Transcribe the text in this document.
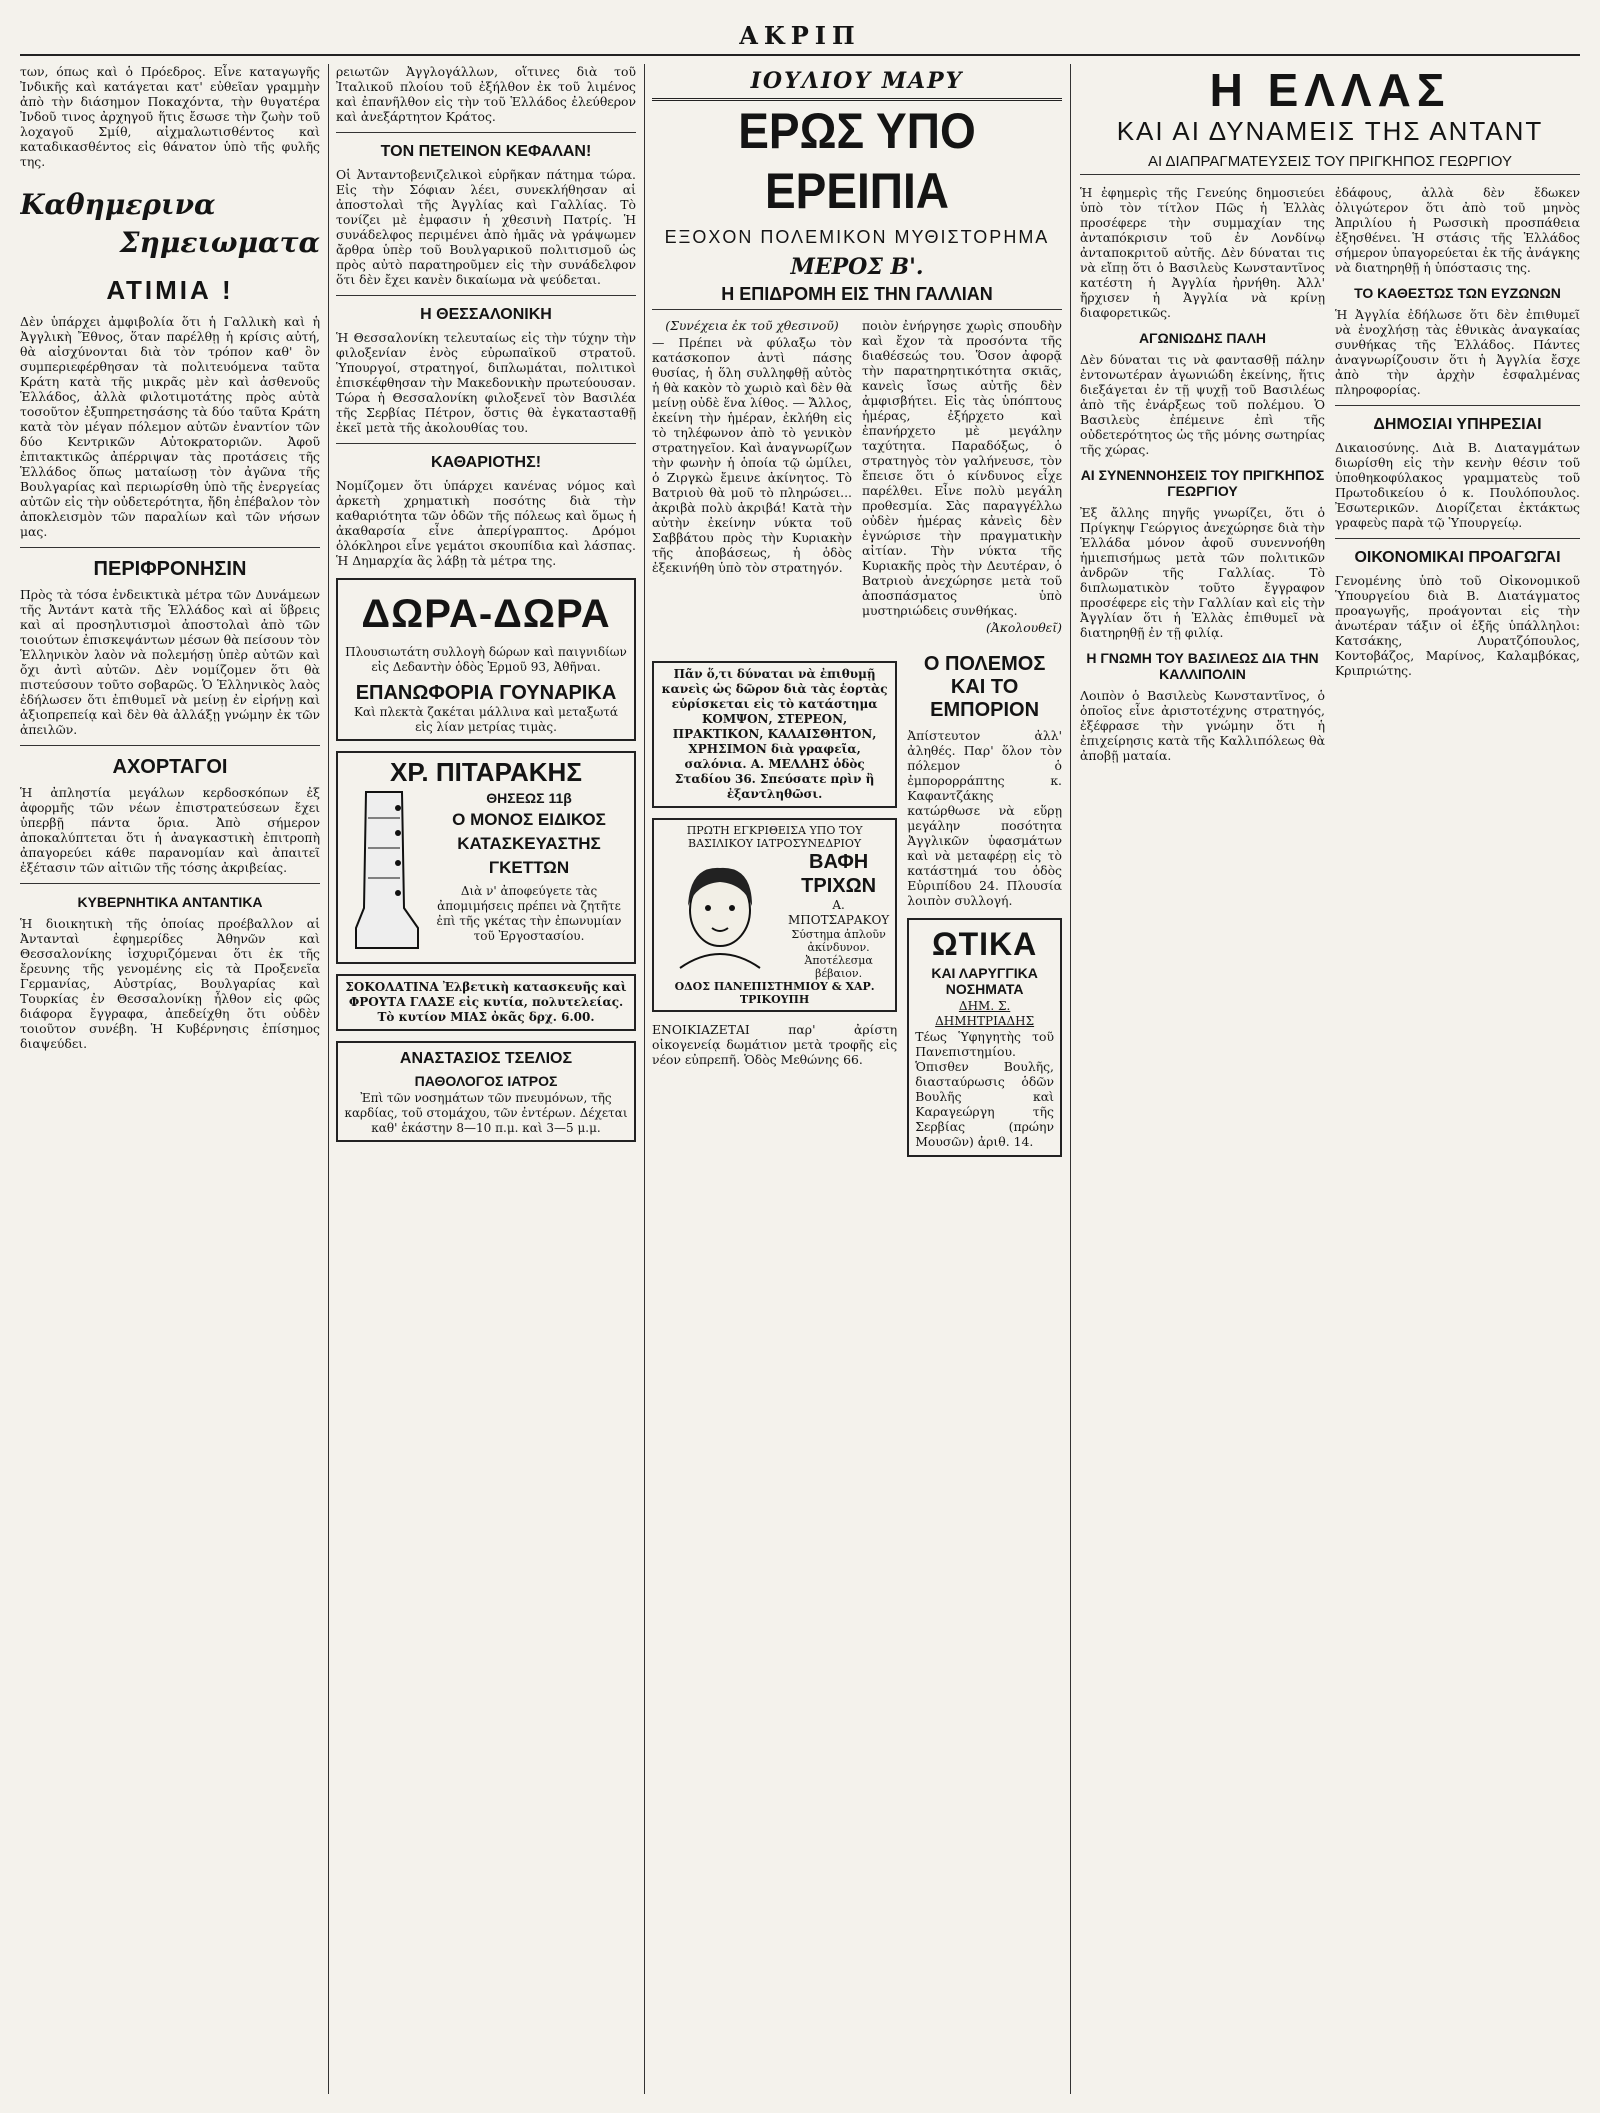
ΑΚΡΙΠ

των, όπως καὶ ὁ Πρόεδρος. Εἶνε καταγωγῆς Ἰνδικῆς καὶ κατάγεται κατ' εὐθεῖαν γραμμὴν ἀπὸ τὴν διάσημον Ποκαχόντα, τὴν θυγατέρα Ἰνδοῦ τινος ἀρχηγοῦ ἥτις ἔσωσε τὴν ζωὴν τοῦ λοχαγοῦ Σμίθ, αἰχμαλωτισθέντος καὶ καταδικασθέντος εἰς θάνατον ὑπὸ τῆς φυλῆς της.

Καθημερινα
Σημειωματα
ΑΤΙΜΙΑ !

Δὲν ὑπάρχει ἀμφιβολία ὅτι ἡ Γαλλικὴ καὶ ἡ Ἀγγλικὴ Ἔθνος, ὅταν παρέλθῃ ἡ κρίσις αὐτή, θὰ αἰσχύνονται διὰ τὸν τρόπον καθ' ὃν συμπεριεφέρθησαν τὰ πολιτευόμενα ταῦτα Κράτη κατὰ τῆς μικρᾶς μὲν καὶ ἀσθενοῦς Ἑλλάδος, ἀλλὰ φιλοτιμοτάτης πρὸς αὐτὰ τοσοῦτον ἐξυπηρετησάσης τὰ δύο ταῦτα Κράτη κατὰ τὸν μέγαν πόλεμον αὐτῶν ἐναντίον τῶν δύο Κεντρικῶν Αὐτοκρατοριῶν. Ἀφοῦ ἐπιτακτικῶς ἀπέρριψαν τὰς προτάσεις τῆς Ἑλλάδος ὅπως ματαίωσῃ τὸν ἀγῶνα τῆς Βουλγαρίας καὶ περιωρίσθη ὑπὸ τῆς ἐνεργείας αὐτῶν εἰς τὴν οὐδετερότητα, ἤδη ἐπέβαλον τὸν ἀποκλεισμὸν τῶν παραλίων καὶ τῶν νήσων μας.

ΠΕΡΙΦΡΟΝΗΣΙΝ

Πρὸς τὰ τόσα ἐνδεικτικὰ μέτρα τῶν Δυνάμεων τῆς Ἀντάντ κατὰ τῆς Ἑλλάδος καὶ αἱ ὕβρεις καὶ αἱ προσηλυτισμοὶ ἀποστολαὶ ἀπὸ τῶν τοιούτων ἐπισκεψάντων μέσων θὰ πείσουν τὸν Ἑλληνικὸν λαὸν νὰ πολεμήσῃ ὑπὲρ αὐτῶν καὶ ὄχι ἀντὶ αὐτῶν. Δὲν νομίζομεν ὅτι θὰ πιστεύσουν τοῦτο σοβαρῶς. Ὁ Ἑλληνικὸς λαὸς ἐδήλωσεν ὅτι ἐπιθυμεῖ νὰ μείνῃ ἐν εἰρήνῃ καὶ ἀξιοπρεπείᾳ καὶ δὲν θὰ ἀλλάξῃ γνώμην ἐκ τῶν ἀπειλῶν.

ΑΧΟΡΤΑΓΟΙ

Ἡ ἀπληστία μεγάλων κερδοσκόπων ἐξ ἀφορμῆς τῶν νέων ἐπιστρατεύσεων ἔχει ὑπερβῇ πάντα ὅρια. Ἀπὸ σήμερον ἀποκαλύπτεται ὅτι ἡ ἀναγκαστικὴ ἐπιτροπὴ ἀπαγορεύει κάθε παρανομίαν καὶ ἀπαιτεῖ ἐξέτασιν τῶν αἰτιῶν τῆς τόσης ἀκριβείας.

ΚΥΒΕΡΝΗΤΙΚΑ ΑΝΤΑΝΤΙΚΑ

Ἡ διοικητικὴ τῆς ὁποίας προέβαλλον αἱ Ἀντανταὶ ἐφημερίδες Ἀθηνῶν καὶ Θεσσαλονίκης ἰσχυριζόμεναι ὅτι ἐκ τῆς ἔρευνης τῆς γενομένης εἰς τὰ Προξενεῖα Γερμανίας, Αὐστρίας, Βουλγαρίας καὶ Τουρκίας ἐν Θεσσαλονίκῃ ἦλθον εἰς φῶς διάφορα ἔγγραφα, ἀπεδείχθη ὅτι οὐδὲν τοιοῦτον συνέβη. Ἡ Κυβέρνησις ἐπίσημος διαψεύδει.

ρειωτῶν Ἀγγλογάλλων, οἵτινες διὰ τοῦ Ἰταλικοῦ πλοίου τοῦ ἐξήλθον ἐκ τοῦ λιμένος καὶ ἐπανῆλθον εἰς τὴν τοῦ Ἑλλάδος ἐλεύθερον καὶ ἀνεξάρτητον Κράτος.

ΤΟΝ ΠΕΤΕΙΝΟΝ ΚΕΦΑΛΑΝ!

Οἱ Ἀνταντοβενιζελικοὶ εὑρῆκαν πάτημα τώρα. Εἰς τὴν Σόφιαν λέει, συνεκλήθησαν αἱ ἀποστολαὶ τῆς Ἀγγλίας καὶ Γαλλίας. Τὸ τονίζει μὲ ἐμφασιν ἡ χθεσινὴ Πατρίς. Ἡ συνάδελφος περιμένει ἀπὸ ἡμᾶς νὰ γράψωμεν ἄρθρα ὑπὲρ τοῦ Βουλγαρικοῦ πολιτισμοῦ ὡς πρὸς αὐτὸ παρατηροῦμεν εἰς τὴν συνάδελφον ὅτι δὲν ἔχει κανὲν δικαίωμα νὰ ψεύδεται.

Η ΘΕΣΣΑΛΟΝΙΚΗ

Ἡ Θεσσαλονίκη τελευταίως εἰς τὴν τύχην τὴν φιλοξενίαν ἐνὸς εὐρωπαϊκοῦ στρατοῦ. Ὑπουργοί, στρατηγοί, διπλωμάται, πολιτικοὶ ἐπισκέφθησαν τὴν Μακεδονικὴν πρωτεύουσαν. Τώρα ἡ Θεσσαλονίκη φιλοξενεῖ τὸν Βασιλέα τῆς Σερβίας Πέτρον, ὅστις θὰ ἐγκατασταθῇ ἐκεῖ μετὰ τῆς ἀκολουθίας του.

ΚΑΘΑΡΙΟΤΗΣ!

Νομίζομεν ὅτι ὑπάρχει κανένας νόμος καὶ ἀρκετὴ χρηματικὴ ποσότης διὰ τὴν καθαριότητα τῶν ὁδῶν τῆς πόλεως καὶ ὅμως ἡ ἀκαθαρσία εἶνε ἀπερίγραπτος. Δρόμοι ὁλόκληροι εἶνε γεμάτοι σκουπίδια καὶ λάσπας. Ἡ Δημαρχία ἃς λάβῃ τὰ μέτρα της.

ΔΩΡΑ-ΔΩΡΑ

Πλουσιωτάτη συλλογὴ δώρων καὶ παιγνιδίων εἰς Δεδαντὴν ὁδὸς Ἑρμοῦ 93, Ἀθῆναι.

ΕΠΑΝΩΦΟΡΙΑ ΓΟΥΝΑΡΙΚΑ

Καὶ πλεκτὰ ζακέται μάλλινα καὶ μεταξωτά εἰς λίαν μετρίας τιμὰς.

ΧΡ. ΠΙΤΑΡΑΚΗΣ
ΘΗΣΕΩΣ 11β
Ο ΜΟΝΟΣ ΕΙΔΙΚΟΣ ΚΑΤΑΣΚΕΥΑΣΤΗΣ ΓΚΕΤΤΩΝ

Διὰ ν' ἀποφεύγετε τὰς ἀπομιμήσεις πρέπει νὰ ζητῆτε ἐπὶ τῆς γκέτας τὴν ἐπωνυμίαν τοῦ Ἐργοστασίου.

ΣΟΚΟΛΑΤΙΝΑ Ἐλβετικὴ κατασκευῆς καὶ ΦΡΟΥΤΑ ΓΛΑΣΕ εἰς κυτία, πολυτελείας. Τὸ κυτίον ΜΙΑΣ ὀκᾶς δρχ. 6.00.

ΑΝΑΣΤΑΣΙΟΣ ΤΣΕΛΙΟΣ
ΠΑΘΟΛΟΓΟΣ ΙΑΤΡΟΣ

Ἐπὶ τῶν νοσημάτων τῶν πνευμόνων, τῆς καρδίας, τοῦ στομάχου, τῶν ἐντέρων. Δέχεται καθ' ἑκάστην 8—10 π.μ. καὶ 3—5 μ.μ.

ΙΟΥΛΙΟΥ ΜΑΡΥ
ΕΡΩΣ ΥΠΟ ΕΡΕΙΠΙΑ
ΕΞΟΧΟΝ ΠΟΛΕΜΙΚΟΝ ΜΥΘΙΣΤΟΡΗΜΑ
ΜΕΡΟΣ Β'.
Η ΕΠΙΔΡΟΜΗ ΕΙΣ ΤΗΝ ΓΑΛΛΙΑΝ

(Συνέχεια ἐκ τοῦ χθεσινοῦ)

— Πρέπει νὰ φύλαξω τὸν κατάσκοπον ἀντὶ πάσης θυσίας, ἡ ὅλη συλληφθῇ αὐτὸς ἡ θὰ κακὸν τὸ χωριὸ καὶ δὲν θὰ μείνῃ οὐδὲ ἕνα λίθος. — Ἄλλος, ἐκείνη τὴν ἡμέραν, ἐκλήθη εἰς τὸ τηλέφωνον ἀπὸ τὸ γενικὸν στρατηγεῖον. Καὶ ἀναγνωρίζων τὴν φωνὴν ἡ ὁποία τῷ ὡμίλει, ὁ Ζιργκὼ ἔμεινε ἀκίνητος. Τὸ Βατριοὺ θὰ μοῦ τὸ πληρώσει... ἀκριβὰ πολὺ ἀκριβά! Κατὰ τὴν αὐτὴν ἐκείνην νύκτα τοῦ Σαββάτου πρὸς τὴν Κυριακὴν τῆς ἀποβάσεως, ἡ ὁδὸς ἐξεκινήθη ὑπὸ τὸν στρατηγόν.

ποιὸν ἐνήργησε χωρὶς σπουδὴν καὶ ἔχον τὰ προσόντα τῆς διαθέσεώς του. Ὅσον ἀφορᾷ τὴν παρατηρητικότητα σκιᾶς, κανεὶς ἴσως αὐτῆς δὲν ἀμφισβήτει. Εἰς τὰς ὑπόπτους ἡμέρας, ἐξήρχετο καὶ ἐπανήρχετο μὲ μεγάλην ταχύτητα. Παραδόξως, ὁ στρατηγὸς τὸν γαλήνευσε, τὸν ἔπεισε ὅτι ὁ κίνδυνος εἶχε παρέλθει. Εἶνε πολὺ μεγάλη προθεσμία. Σὰς παραγγέλλω οὐδὲν ἡμέρας κἀνεὶς δὲν ἐγνώρισε τὴν πραγματικὴν αἰτίαν. Τὴν νύκτα τῆς Κυριακῆς πρὸς τὴν Δευτέραν, ὁ Βατριοὺ ἀνεχώρησε μετὰ τοῦ ἀποσπάσματος ὑπὸ μυστηριώδεις συνθήκας.

(Ἀκολουθεῖ)

Πᾶν ὅ,τι δύναται νὰ ἐπιθυμῇ κανεὶς ὡς δῶρον διὰ τὰς ἑορτὰς εὑρίσκεται εἰς τὸ κατάστημα ΚΟΜΨΟΝ, ΣΤΕΡΕΟΝ, ΠΡΑΚΤΙΚΟΝ, ΚΑΛΑΙΣΘΗΤΟΝ, ΧΡΗΣΙΜΟΝ διὰ γραφεῖα, σαλόνια. Α. ΜΕΛΛΗΣ ὁδὸς Σταδίου 36. Σπεύσατε πρὶν ἢ ἐξαντληθῶσι.

ΠΡΩΤΗ ΕΓΚΡΙΘΕΙΣΑ ΥΠΟ ΤΟΥ ΒΑΣΙΛΙΚΟΥ ΙΑΤΡΟΣΥΝΕΔΡΙΟΥ

ΒΑΦΗ ΤΡΙΧΩΝ

Α. ΜΠΟΤΣΑΡΑΚΟΥ

Σύστημα ἀπλοῦν ἀκίνδυνον. Ἀποτέλεσμα βέβαιον.

ΟΔΟΣ ΠΑΝΕΠΙΣΤΗΜΙΟΥ & ΧΑΡ. ΤΡΙΚΟΥΠΗ

ΕΝΟΙΚΙΑΖΕΤΑΙ παρ' ἀρίστη οἰκογενείᾳ δωμάτιον μετὰ τροφῆς εἰς νέον εὐπρεπῆ. Ὁδὸς Μεθώνης 66.

Ο ΠΟΛΕΜΟΣ ΚΑΙ ΤΟ ΕΜΠΟΡΙΟΝ

Ἀπίστευτον ἀλλ' ἀληθές. Παρ' ὅλον τὸν πόλεμον ὁ ἐμπορορράπτης κ. Καφαντζάκης κατώρθωσε νὰ εὕρῃ μεγάλην ποσότητα Ἀγγλικῶν ὑφασμάτων καὶ νὰ μεταφέρῃ εἰς τὸ κατάστημά του ὁδὸς Εὐριπίδου 24. Πλουσία λοιπὸν συλλογή.

ΩΤΙΚΑ
ΚΑΙ ΛΑΡΥΓΓΙΚΑ ΝΟΣΗΜΑΤΑ

ΔΗΜ. Σ. ΔΗΜΗΤΡΙΑΔΗΣ

Τέως Ὑφηγητὴς τοῦ Πανεπιστημίου. Ὁπισθεν Βουλῆς, διασταύρωσις ὁδῶν Βουλῆς καὶ Καραγεώργη τῆς Σερβίας (πρώην Μουσῶν) ἀριθ. 14.

Η ΕΛΛΑΣ
ΚΑΙ ΑΙ ΔΥΝΑΜΕΙΣ ΤΗΣ ΑΝΤΑΝΤ
ΑΙ ΔΙΑΠΡΑΓΜΑΤΕΥΣΕΙΣ ΤΟΥ ΠΡΙΓΚΗΠΟΣ ΓΕΩΡΓΙΟΥ

Ἡ ἐφημερὶς τῆς Γενεύης δημοσιεύει ὑπὸ τὸν τίτλον Πῶς ἡ Ἑλλὰς προσέφερε τὴν συμμαχίαν της ἀνταπόκρισιν τοῦ ἐν Λονδίνῳ ἀνταποκριτοῦ αὐτῆς. Δὲν δύναται τις νὰ εἴπῃ ὅτι ὁ Βασιλεὺς Κωνσταντῖνος κατέστη ἡ Ἀγγλία ἠρνήθη. Ἀλλ' ἤρχισεν ἡ Ἀγγλία νὰ κρίνῃ διαφορετικῶς.

ΑΓΩΝΙΩΔΗΣ ΠΑΛΗ

Δὲν δύναται τις νὰ φαντασθῇ πάλην ἐντονωτέραν ἀγωνιώδη ἐκείνης, ἥτις διεξάγεται ἐν τῇ ψυχῇ τοῦ Βασιλέως ἀπὸ τῆς ἐνάρξεως τοῦ πολέμου. Ὁ Βασιλεὺς ἐπέμεινε ἐπὶ τῆς οὐδετερότητος ὡς τῆς μόνης σωτηρίας τῆς χώρας.

ΑΙ ΣΥΝΕΝΝΟΗΣΕΙΣ ΤΟΥ ΠΡΙΓΚΗΠΟΣ ΓΕΩΡΓΙΟΥ

Ἐξ ἄλλης πηγῆς γνωρίζει, ὅτι ὁ Πρίγκηψ Γεώργιος ἀνεχώρησε διὰ τὴν Ἑλλάδα μόνον ἀφοῦ συνεννοήθη ἡμιεπισήμως μετὰ τῶν πολιτικῶν ἀνδρῶν τῆς Γαλλίας. Τὸ διπλωματικὸν τοῦτο ἔγγραφον προσέφερε εἰς τὴν Γαλλίαν καὶ εἰς τὴν Ἀγγλίαν ὅτι ἡ Ἑλλὰς ἐπιθυμεῖ νὰ διατηρηθῇ ἐν τῇ φιλίᾳ.

Η ΓΝΩΜΗ ΤΟΥ ΒΑΣΙΛΕΩΣ ΔΙΑ ΤΗΝ ΚΑΛΛΙΠΟΛΙΝ

Λοιπὸν ὁ Βασιλεὺς Κωνσταντῖνος, ὁ ὁποῖος εἶνε ἀριστοτέχνης στρατηγός, ἐξέφρασε τὴν γνώμην ὅτι ἡ ἐπιχείρησις κατὰ τῆς Καλλιπόλεως θὰ ἀποβῇ ματαία.

ἐδάφους, ἀλλὰ δὲν ἔδωκεν ὀλιγώτερον ὅτι ἀπὸ τοῦ μηνὸς Ἀπριλίου ἡ Ρωσσικὴ προσπάθεια ἐξησθένει. Ἡ στάσις τῆς Ἑλλάδος σήμερον ὑπαγορεύεται ἐκ τῆς ἀνάγκης νὰ διατηρηθῇ ἡ ὑπόστασις της.

ΤΟ ΚΑΘΕΣΤΩΣ ΤΩΝ ΕΥΖΩΝΩΝ

Ἡ Ἀγγλία ἐδήλωσε ὅτι δὲν ἐπιθυμεῖ νὰ ἐνοχλήσῃ τὰς ἐθνικὰς ἀναγκαίας συνθήκας τῆς Ἑλλάδος. Πάντες ἀναγνωρίζουσιν ὅτι ἡ Ἀγγλία ἔσχε ἀπὸ τὴν ἀρχὴν ἐσφαλμένας πληροφορίας.

ΔΗΜΟΣΙΑΙ ΥΠΗΡΕΣΙΑΙ

Δικαιοσύνης. Διὰ Β. Διαταγμάτων διωρίσθη εἰς τὴν κενὴν θέσιν τοῦ ὑποθηκοφύλακος γραμματεὺς τοῦ Πρωτοδικείου ὁ κ. Πουλόπουλος. Ἐσωτερικῶν. Διορίζεται ἐκτάκτως γραφεὺς παρὰ τῷ Ὑπουργείῳ.

ΟΙΚΟΝΟΜΙΚΑΙ ΠΡΟΑΓΩΓΑΙ

Γενομένης ὑπὸ τοῦ Οἰκονομικοῦ Ὑπουργείου διὰ Β. Διατάγματος προαγωγῆς, προάγονται εἰς τὴν ἀνωτέραν τάξιν οἱ ἑξῆς ὑπάλληλοι: Κατσάκης, Λυρατζόπουλος, Κοντοβάζος, Μαρίνος, Καλαμβόκας, Κριπριώτης.
